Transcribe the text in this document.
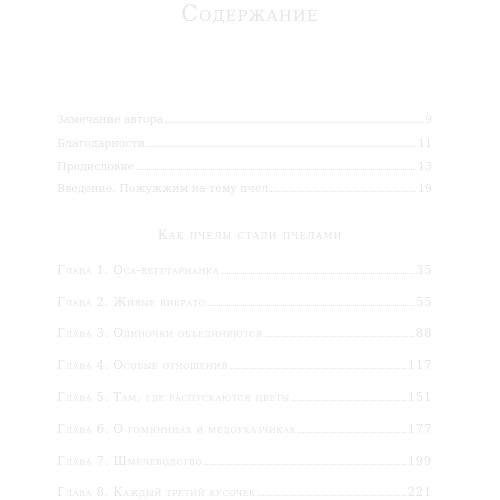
Содержание
Замечание автора	9
Благодарности	11
Предисловие	13
Введение. Пожужжим на тему пчел	19
Как пчелы стали пчелами
Глава 1. Оса-вегетарианка	35
Глава 2. Живые вибрато	55
Глава 3. Одиночки объединяются	88
Глава 4. Особые отношения	117
Глава 5. Там, где распускаются цветы	151
Глава 6. О гомининах и медоуказчиках	177
Глава 7. Шмелеводство	199
Глава 8. Каждый третий кусочек	221
